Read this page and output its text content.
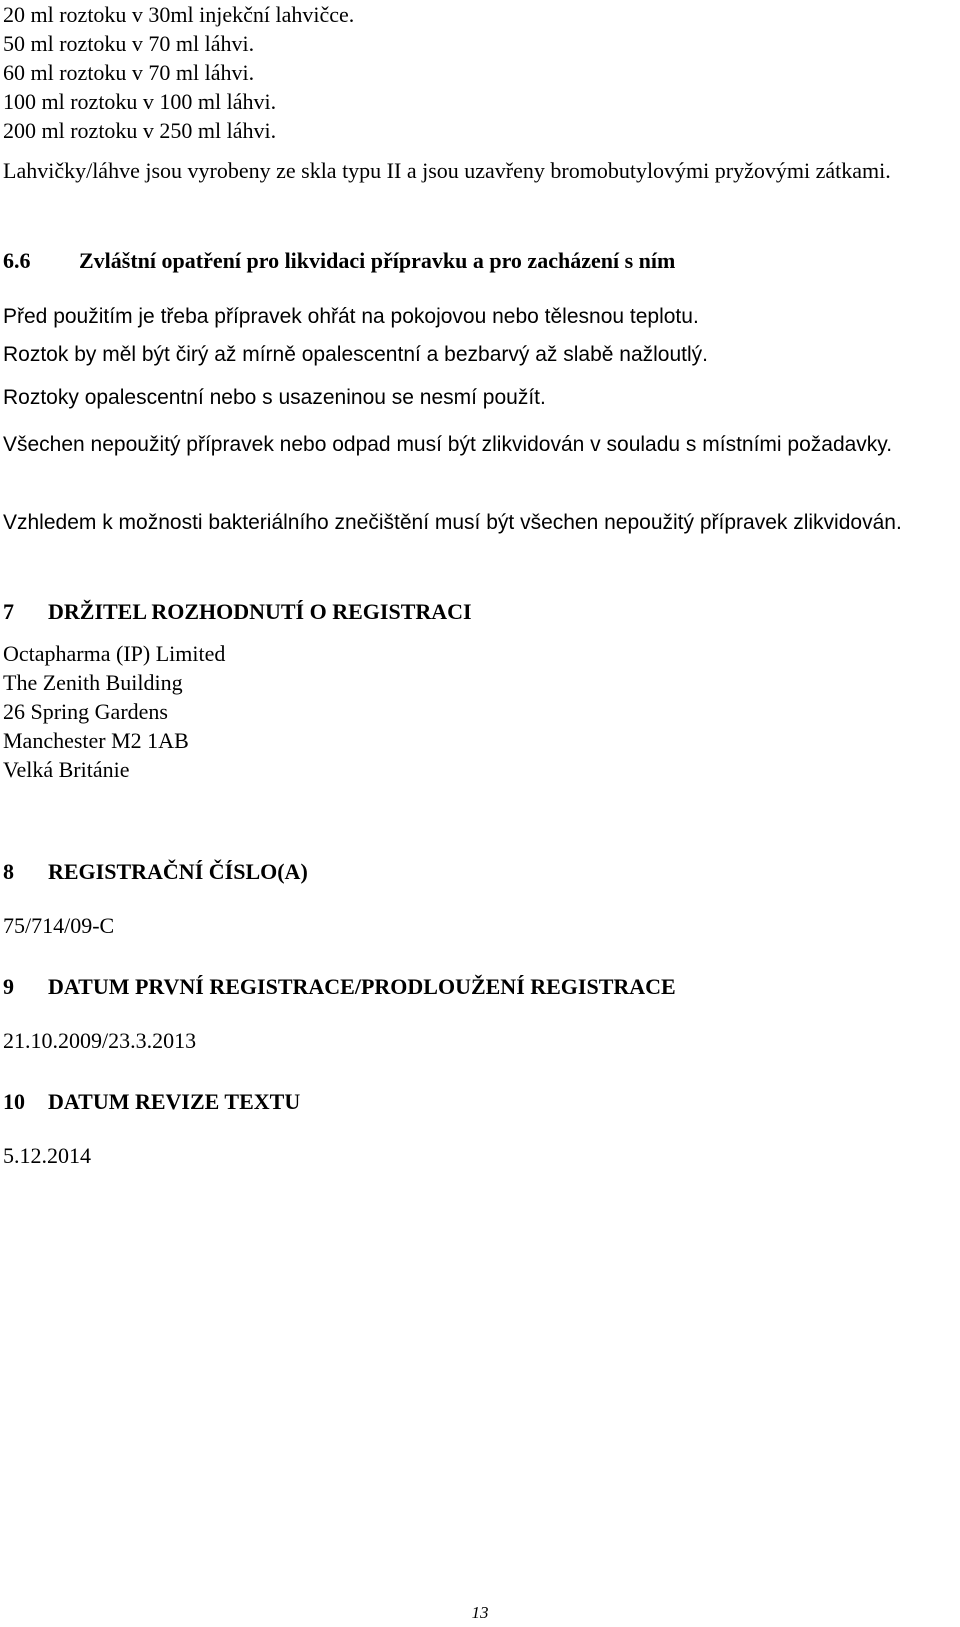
20 ml roztoku v 30ml injekční lahvičce.
50 ml roztoku v 70 ml láhvi.
60 ml roztoku v 70 ml láhvi.
100 ml roztoku v 100 ml láhvi.
200 ml roztoku v 250 ml láhvi.
Lahvičky/láhve jsou vyrobeny ze skla typu II a jsou uzavřeny bromobutylovými pryžovými zátkami.
6.6 Zvláštní opatření pro likvidaci přípravku a pro zacházení s ním
Před použitím je třeba přípravek ohřát na pokojovou nebo tělesnou teplotu.
Roztok by měl být čirý až mírně opalescentní a bezbarvý až slabě nažloutlý.
Roztoky opalescentní nebo s usazeninou se nesmí použít.
Všechen nepoužitý přípravek nebo odpad musí být zlikvidován v souladu s místními požadavky.
Vzhledem k možnosti bakteriálního znečištění musí být všechen nepoužitý přípravek zlikvidován.
7 DRŽITEL ROZHODNUTÍ O REGISTRACI
Octapharma (IP) Limited
The Zenith Building
26 Spring Gardens
Manchester M2 1AB
Velká Británie
8 REGISTRAČNÍ ČÍSLO(A)
75/714/09-C
9 DATUM PRVNÍ REGISTRACE/PRODLOUŽENÍ REGISTRACE
21.10.2009/23.3.2013
10 DATUM REVIZE TEXTU
5.12.2014
13
